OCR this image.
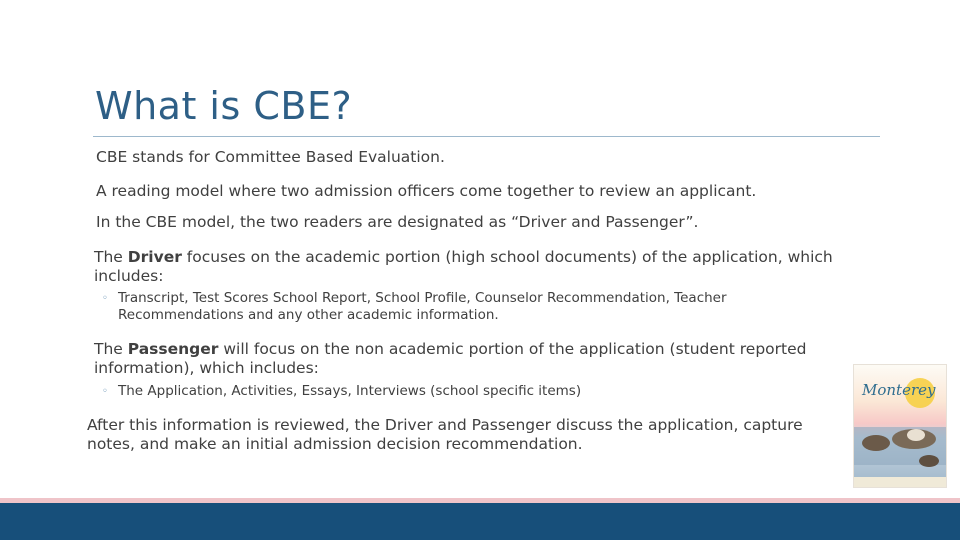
What is CBE?
CBE stands for Committee Based Evaluation.
A reading model where two admission officers come together to review an applicant.
In the CBE model, the two readers are designated as “Driver and Passenger”.
The Driver focuses on the academic portion (high school documents) of the application, which
includes:
◦ Transcript, Test Scores School Report, School Profile, Counselor Recommendation, Teacher
Recommendations and any other academic information.
The Passenger will focus on the non academic portion of the application (student reported
information), which includes:
◦ The Application, Activities, Essays, Interviews (school specific items)
After this information is reviewed, the Driver and Passenger discuss the application, capture
notes, and make an initial admission decision recommendation.
Monterey
